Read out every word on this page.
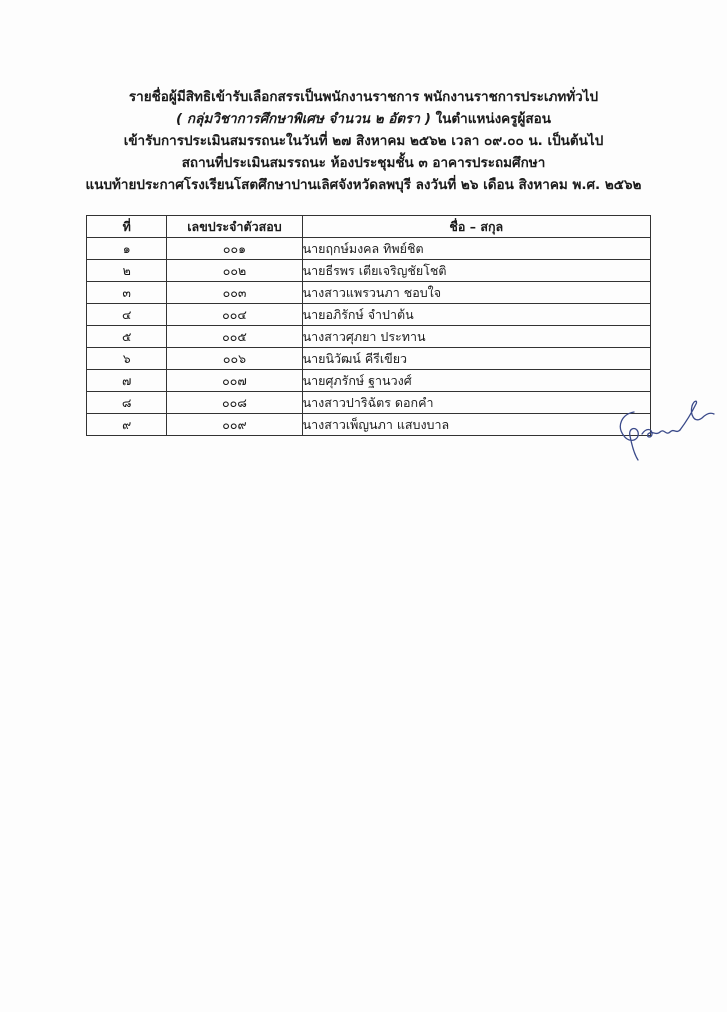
รายชื่อผู้มีสิทธิเข้ารับเลือกสรรเป็นพนักงานราชการ พนักงานราชการประเภททั่วไป
( กลุ่มวิชาการศึกษาพิเศษ จำนวน ๒ อัตรา ) ในตำแหน่งครูผู้สอน
เข้ารับการประเมินสมรรถนะในวันที่ ๒๗ สิงหาคม ๒๕๖๒ เวลา ๐๙.๐๐ น. เป็นต้นไป
สถานที่ประเมินสมรรถนะ ห้องประชุมชั้น ๓ อาคารประถมศึกษา
แนบท้ายประกาศโรงเรียนโสตศึกษาปานเลิศจังหวัดลพบุรี ลงวันที่ ๒๖ เดือน สิงหาคม พ.ศ. ๒๕๖๒
ที่	เลขประจำตัวสอบ	ชื่อ – สกุล
๑	๐๐๑	นายฤกษ์มงคล ทิพย์ชิต
๒	๐๐๒	นายธีรพร เตียเจริญชัยโชติ
๓	๐๐๓	นางสาวแพรวนภา ชอบใจ
๔	๐๐๔	นายอภิรักษ์ จำปาต้น
๕	๐๐๕	นางสาวศุภยา ประทาน
๖	๐๐๖	นายนิวัฒน์ คีรีเขียว
๗	๐๐๗	นายศุภรักษ์ ฐานวงศ์
๘	๐๐๘	นางสาวปาริฉัตร ดอกคำ
๙	๐๐๙	นางสาวเพ็ญนภา แสบงบาล
